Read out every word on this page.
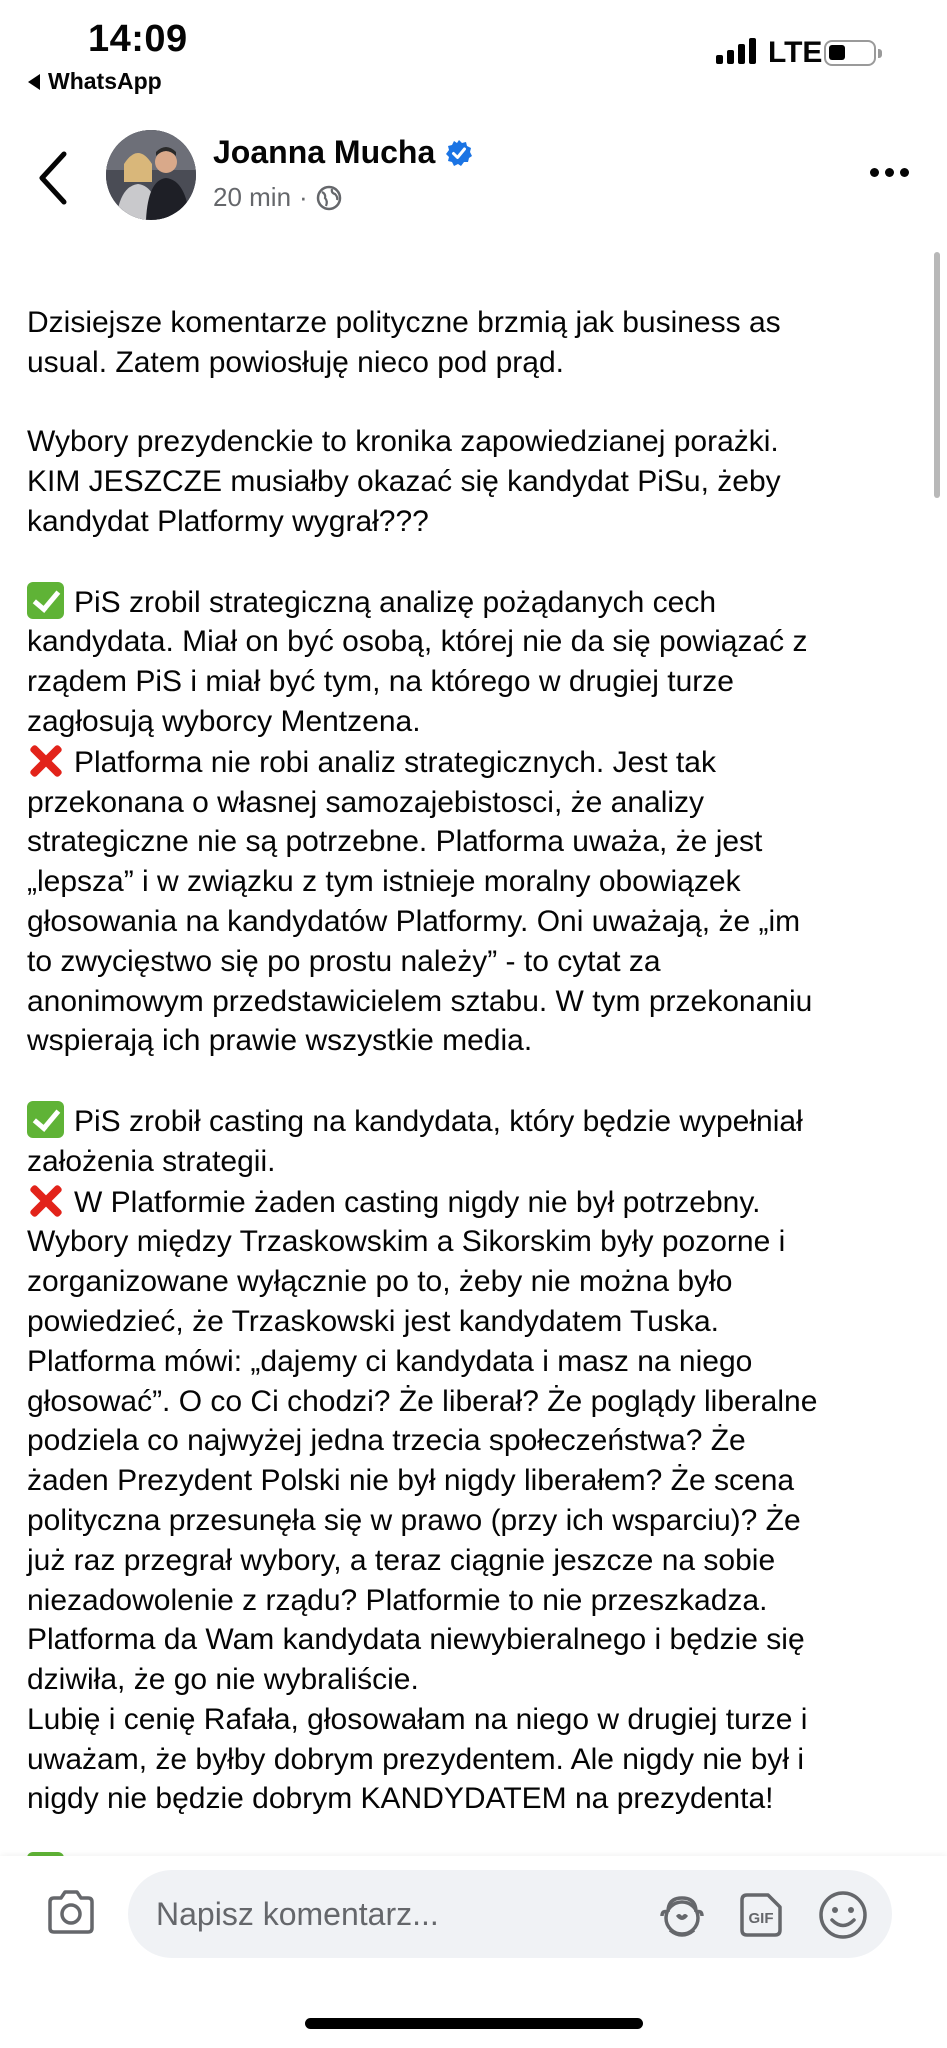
14:09
WhatsApp
LTE
Joanna Mucha
20 min ·

Dzisiejsze komentarze polityczne brzmią jak business as

usual. Zatem powiosłuję nieco pod prąd.

Wybory prezydenckie to kronika zapowiedzianej porażki.

KIM JESZCZE musiałby okazać się kandydat PiSu, żeby

kandydat Platformy wygrał???

PiS zrobil strategiczną analizę pożądanych cech

kandydata. Miał on być osobą, której nie da się powiązać z

rządem PiS i miał być tym, na którego w drugiej turze

zagłosują wyborcy Mentzena.

Platforma nie robi analiz strategicznych. Jest tak

przekonana o własnej samozajebistosci, że analizy

strategiczne nie są potrzebne. Platforma uważa, że jest

„lepsza” i w związku z tym istnieje moralny obowiązek

głosowania na kandydatów Platformy. Oni uważają, że „im

to zwycięstwo się po prostu należy” - to cytat za

anonimowym przedstawicielem sztabu. W tym przekonaniu

wspierają ich prawie wszystkie media.

PiS zrobił casting na kandydata, który będzie wypełniał

założenia strategii.

W Platformie żaden casting nigdy nie był potrzebny.

Wybory między Trzaskowskim a Sikorskim były pozorne i

zorganizowane wyłącznie po to, żeby nie można było

powiedzieć, że Trzaskowski jest kandydatem Tuska.

Platforma mówi: „dajemy ci kandydata i masz na niego

głosować”. O co Ci chodzi? Że liberał? Że poglądy liberalne

podziela co najwyżej jedna trzecia społeczeństwa? Że

żaden Prezydent Polski nie był nigdy liberałem? Że scena

polityczna przesunęła się w prawo (przy ich wsparciu)? Że

już raz przegrał wybory, a teraz ciągnie jeszcze na sobie

niezadowolenie z rządu? Platformie to nie przeszkadza.

Platforma da Wam kandydata niewybieralnego i będzie się

dziwiła, że go nie wybraliście.

Lubię i cenię Rafała, głosowałam na niego w drugiej turze i

uważam, że byłby dobrym prezydentem. Ale nigdy nie był i

nigdy nie będzie dobrym KANDYDATEM na prezydenta!

Napisz komentarz...	GIF
